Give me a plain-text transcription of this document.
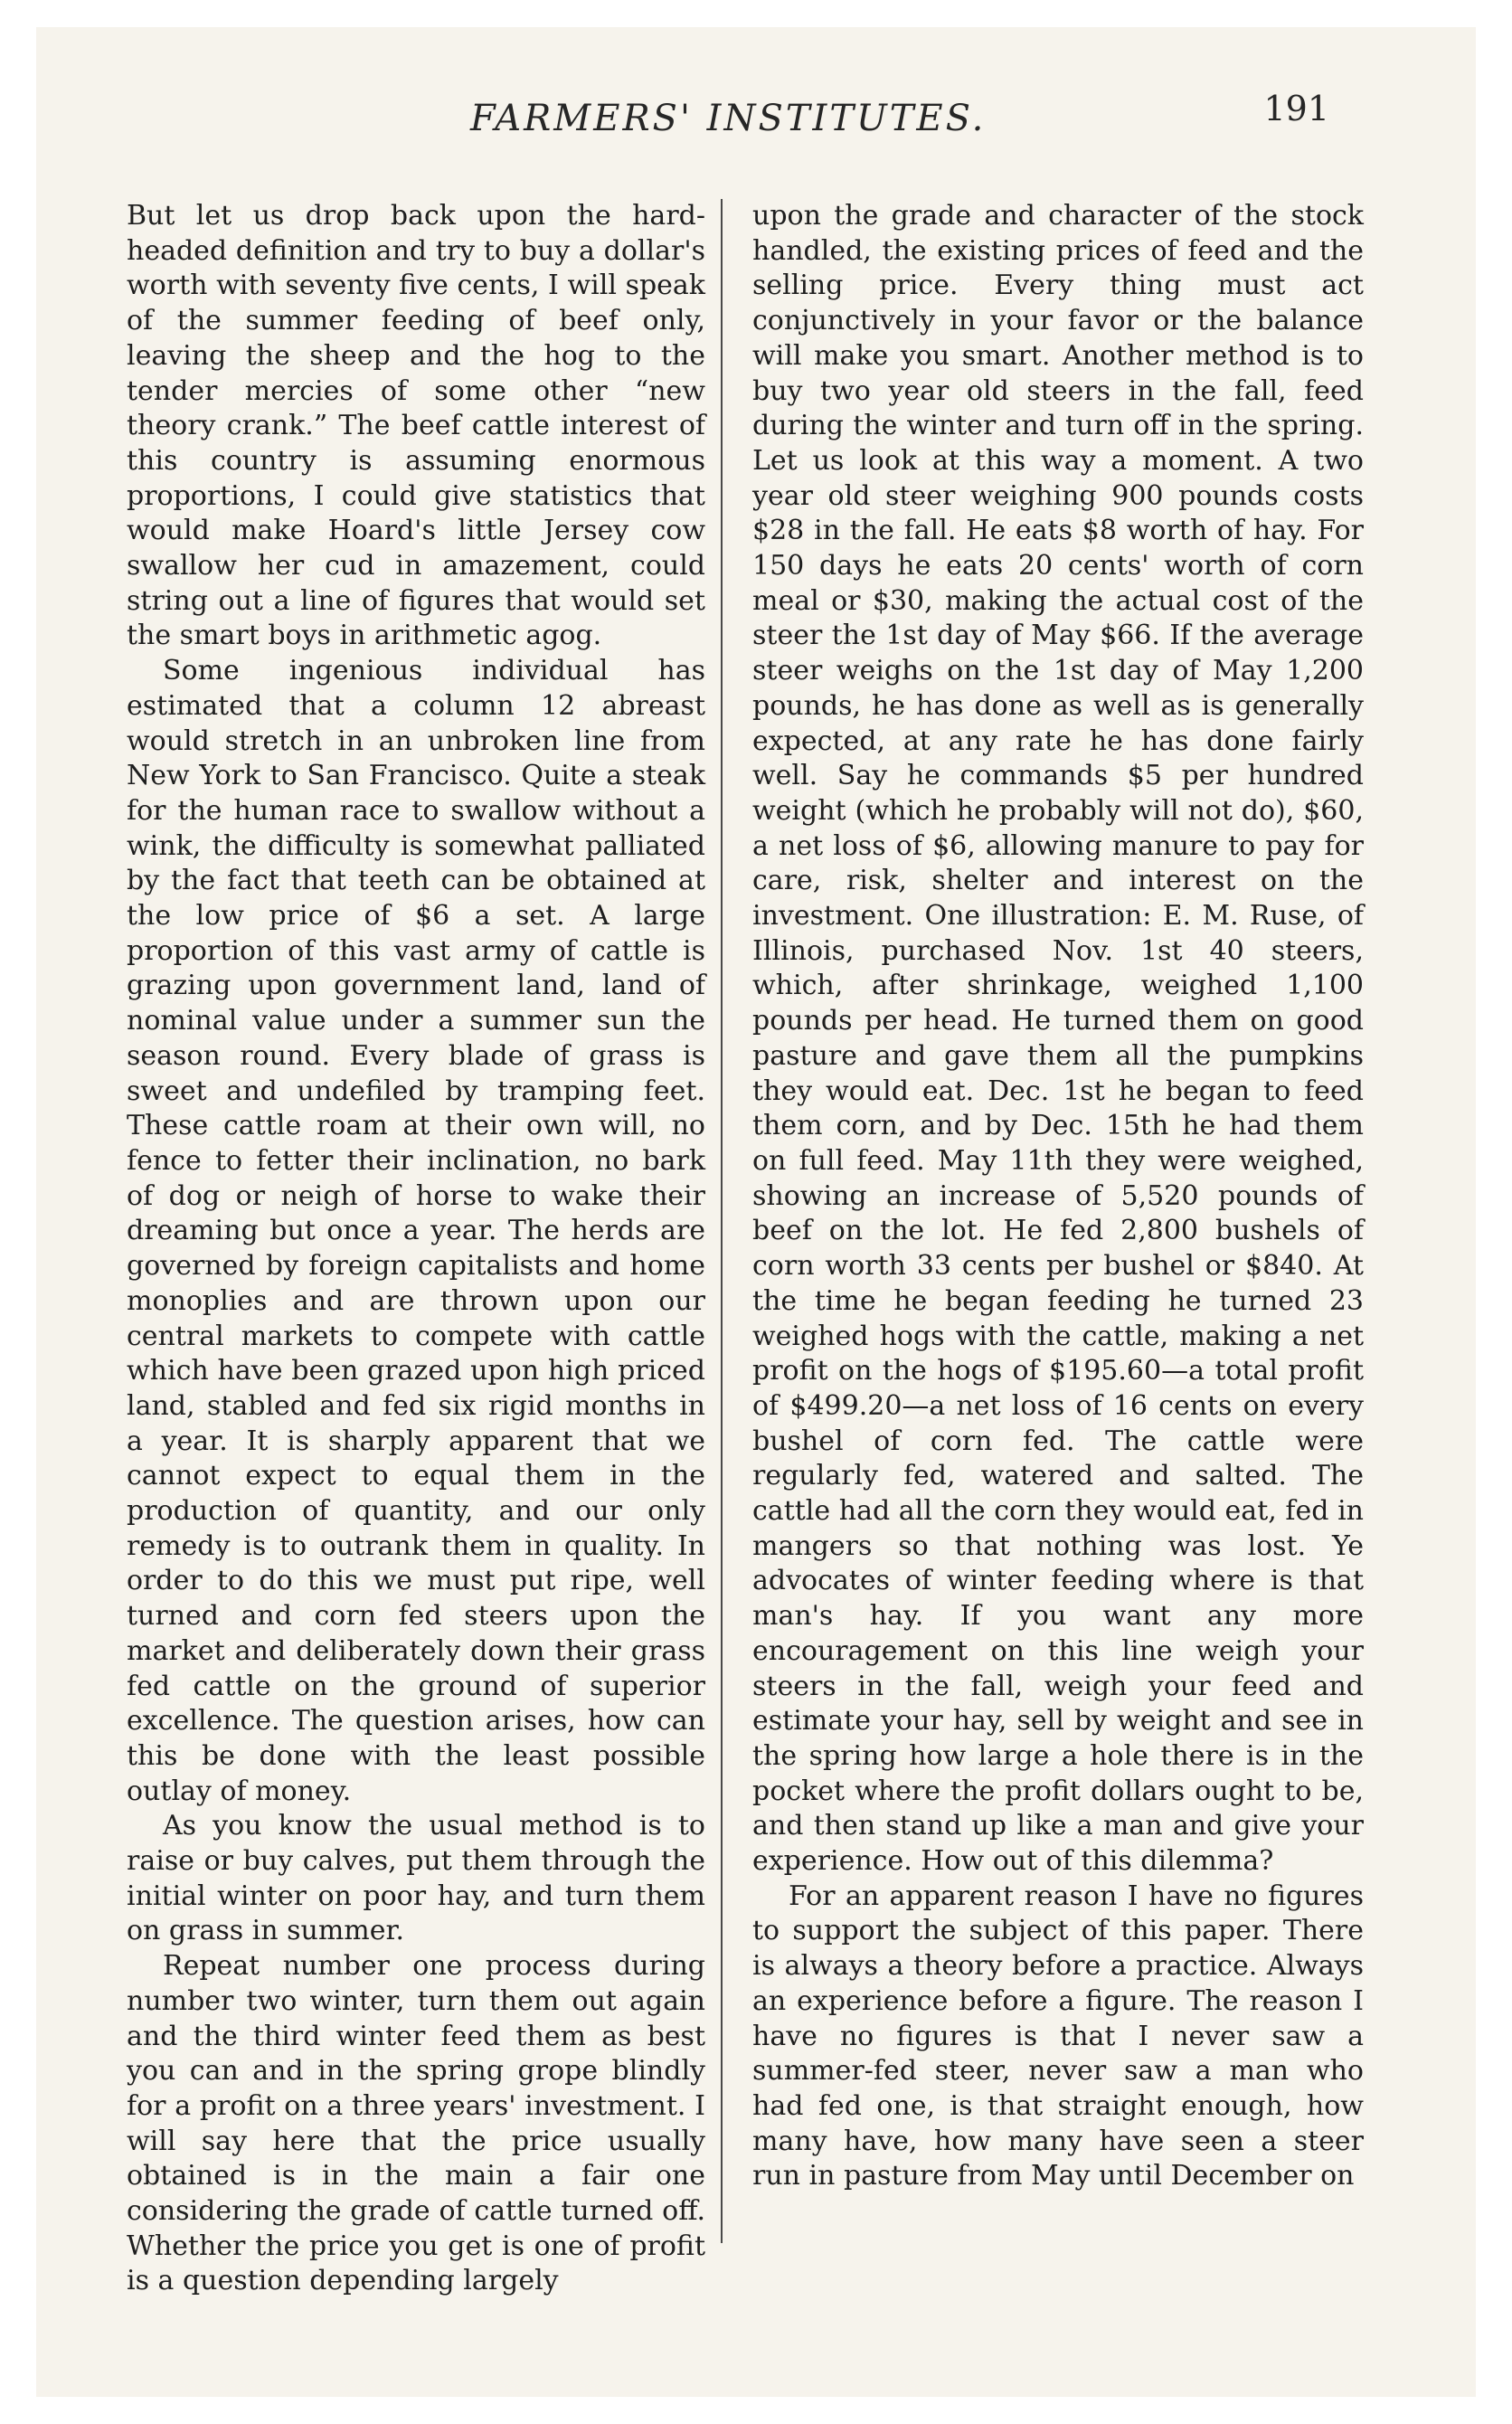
FARMERS' INSTITUTES.	191

But let us drop back upon the hard-headed definition and try to buy a dollar's worth with seventy five cents, I will speak of the summer feeding of beef only, leaving the sheep and the hog to the tender mercies of some other “new theory crank.” The beef cattle interest of this country is assuming enormous proportions, I could give statistics that would make Hoard's little Jersey cow swallow her cud in amazement, could string out a line of figures that would set the smart boys in arithmetic agog.

Some ingenious individual has estimated that a column 12 abreast would stretch in an unbroken line from New York to San Francisco. Quite a steak for the human race to swallow without a wink, the difficulty is somewhat palliated by the fact that teeth can be obtained at the low price of $6 a set. A large proportion of this vast army of cattle is grazing upon government land, land of nominal value under a summer sun the season round. Every blade of grass is sweet and undefiled by tramping feet. These cattle roam at their own will, no fence to fetter their inclination, no bark of dog or neigh of horse to wake their dreaming but once a year. The herds are governed by foreign capitalists and home monoplies and are thrown upon our central markets to compete with cattle which have been grazed upon high priced land, stabled and fed six rigid months in a year. It is sharply apparent that we cannot expect to equal them in the production of quantity, and our only remedy is to outrank them in quality. In order to do this we must put ripe, well turned and corn fed steers upon the market and deliberately down their grass fed cattle on the ground of superior excellence. The question arises, how can this be done with the least possible outlay of money.

As you know the usual method is to raise or buy calves, put them through the initial winter on poor hay, and turn them on grass in summer.

Repeat number one process during number two winter, turn them out again and the third winter feed them as best you can and in the spring grope blindly for a profit on a three years' investment. I will say here that the price usually obtained is in the main a fair one considering the grade of cattle turned off. Whether the price you get is one of profit is a question depending largely

upon the grade and character of the stock handled, the existing prices of feed and the selling price. Every thing must act conjunctively in your favor or the balance will make you smart. Another method is to buy two year old steers in the fall, feed during the winter and turn off in the spring. Let us look at this way a moment. A two year old steer weighing 900 pounds costs $28 in the fall. He eats $8 worth of hay. For 150 days he eats 20 cents' worth of corn meal or $30, making the actual cost of the steer the 1st day of May $66. If the average steer weighs on the 1st day of May 1,200 pounds, he has done as well as is generally expected, at any rate he has done fairly well. Say he commands $5 per hundred weight (which he probably will not do), $60, a net loss of $6, allowing manure to pay for care, risk, shelter and interest on the investment. One illustration: E. M. Ruse, of Illinois, purchased Nov. 1st 40 steers, which, after shrinkage, weighed 1,100 pounds per head. He turned them on good pasture and gave them all the pumpkins they would eat. Dec. 1st he began to feed them corn, and by Dec. 15th he had them on full feed. May 11th they were weighed, showing an increase of 5,520 pounds of beef on the lot. He fed 2,800 bushels of corn worth 33 cents per bushel or $840. At the time he began feeding he turned 23 weighed hogs with the cattle, making a net profit on the hogs of $195.60—a total profit of $499.20—a net loss of 16 cents on every bushel of corn fed. The cattle were regularly fed, watered and salted. The cattle had all the corn they would eat, fed in mangers so that nothing was lost. Ye advocates of winter feeding where is that man's hay. If you want any more encouragement on this line weigh your steers in the fall, weigh your feed and estimate your hay, sell by weight and see in the spring how large a hole there is in the pocket where the profit dollars ought to be, and then stand up like a man and give your experience. How out of this dilemma?

For an apparent reason I have no figures to support the subject of this paper. There is always a theory before a practice. Always an experience before a figure. The reason I have no figures is that I never saw a summer-fed steer, never saw a man who had fed one, is that straight enough, how many have, how many have seen a steer run in pasture from May until December on
